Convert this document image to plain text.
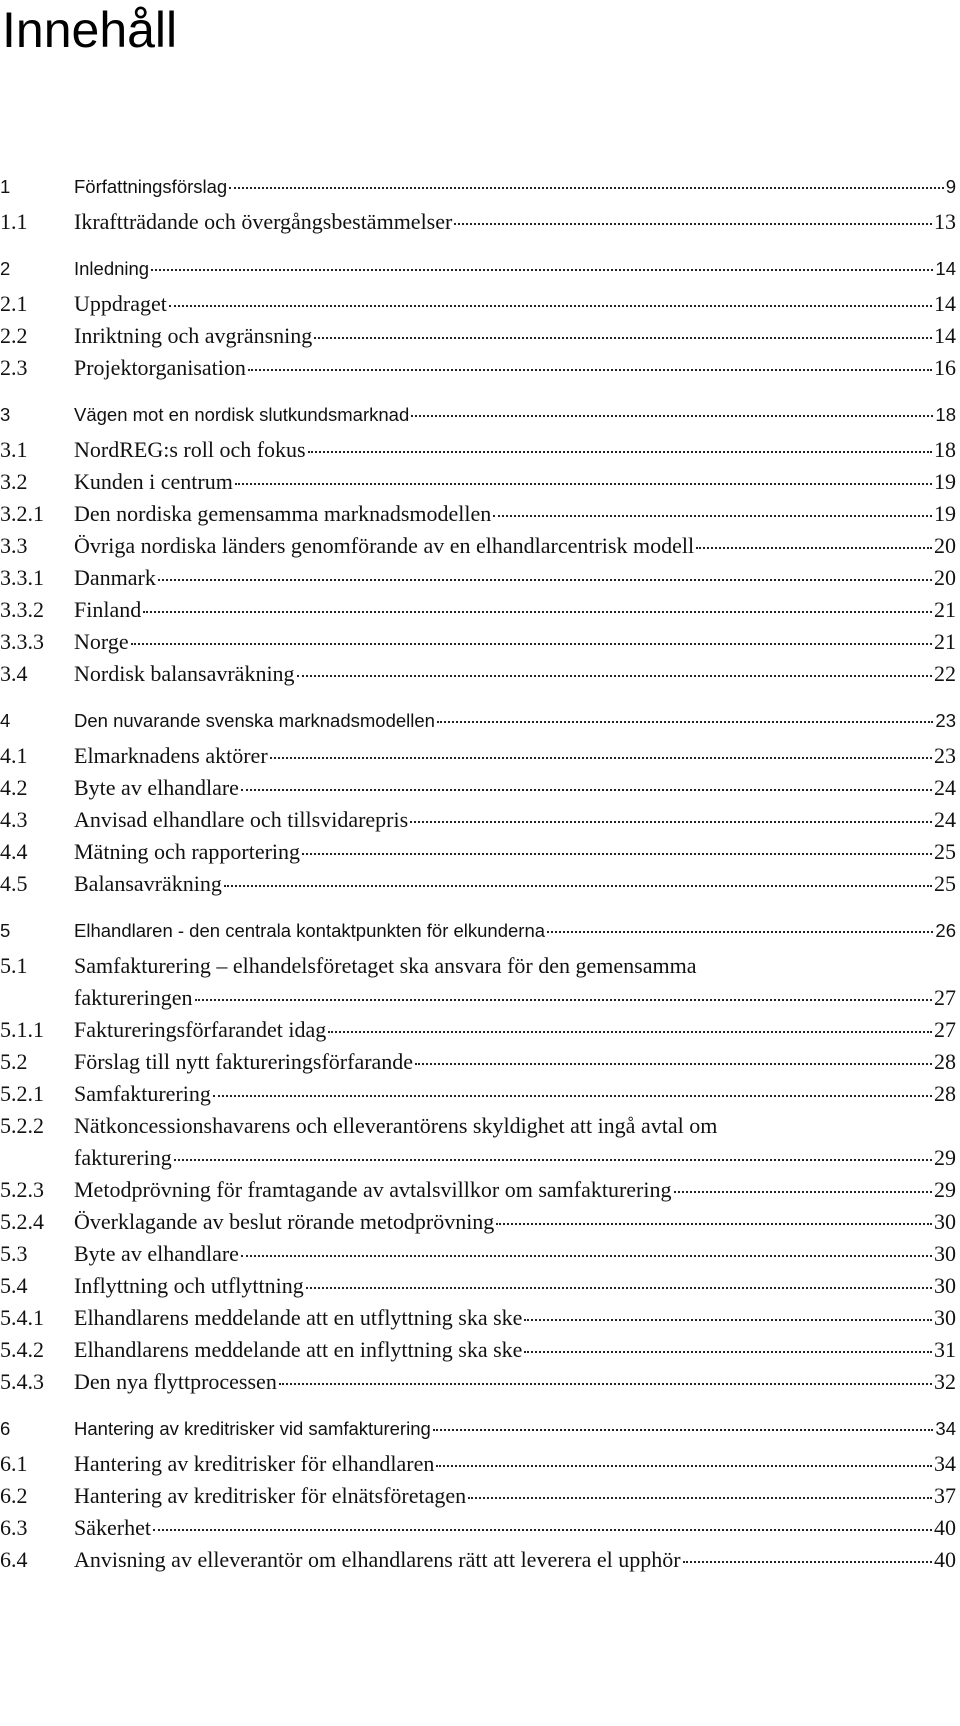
Innehåll
1	Författningsförslag	9
1.1	Ikraftträdande och övergångsbestämmelser	13
2	Inledning	14
2.1	Uppdraget	14
2.2	Inriktning och avgränsning	14
2.3	Projektorganisation	16
3	Vägen mot en nordisk slutkundsmarknad	18
3.1	NordREG:s roll och fokus	18
3.2	Kunden i centrum	19
3.2.1	Den nordiska gemensamma marknadsmodellen	19
3.3	Övriga nordiska länders genomförande av en elhandlarcentrisk modell	20
3.3.1	Danmark	20
3.3.2	Finland	21
3.3.3	Norge	21
3.4	Nordisk balansavräkning	22
4	Den nuvarande svenska marknadsmodellen	23
4.1	Elmarknadens aktörer	23
4.2	Byte av elhandlare	24
4.3	Anvisad elhandlare och tillsvidarepris	24
4.4	Mätning och rapportering	25
4.5	Balansavräkning	25
5	Elhandlaren - den centrala kontaktpunkten för elkunderna	26
5.1	Samfakturering – elhandelsföretaget ska ansvara för den gemensamma
faktureringen	27
5.1.1	Faktureringsförfarandet idag	27
5.2	Förslag till nytt faktureringsförfarande	28
5.2.1	Samfakturering	28
5.2.2	Nätkoncessionshavarens och elleverantörens skyldighet att ingå avtal om
fakturering	29
5.2.3	Metodprövning för framtagande av avtalsvillkor om samfakturering	29
5.2.4	Överklagande av beslut rörande metodprövning	30
5.3	Byte av elhandlare	30
5.4	Inflyttning och utflyttning	30
5.4.1	Elhandlarens meddelande att en utflyttning ska ske	30
5.4.2	Elhandlarens meddelande att en inflyttning ska ske	31
5.4.3	Den nya flyttprocessen	32
6	Hantering av kreditrisker vid samfakturering	34
6.1	Hantering av kreditrisker för elhandlaren	34
6.2	Hantering av kreditrisker för elnätsföretagen	37
6.3	Säkerhet	40
6.4	Anvisning av elleverantör om elhandlarens rätt att leverera el upphör	40
